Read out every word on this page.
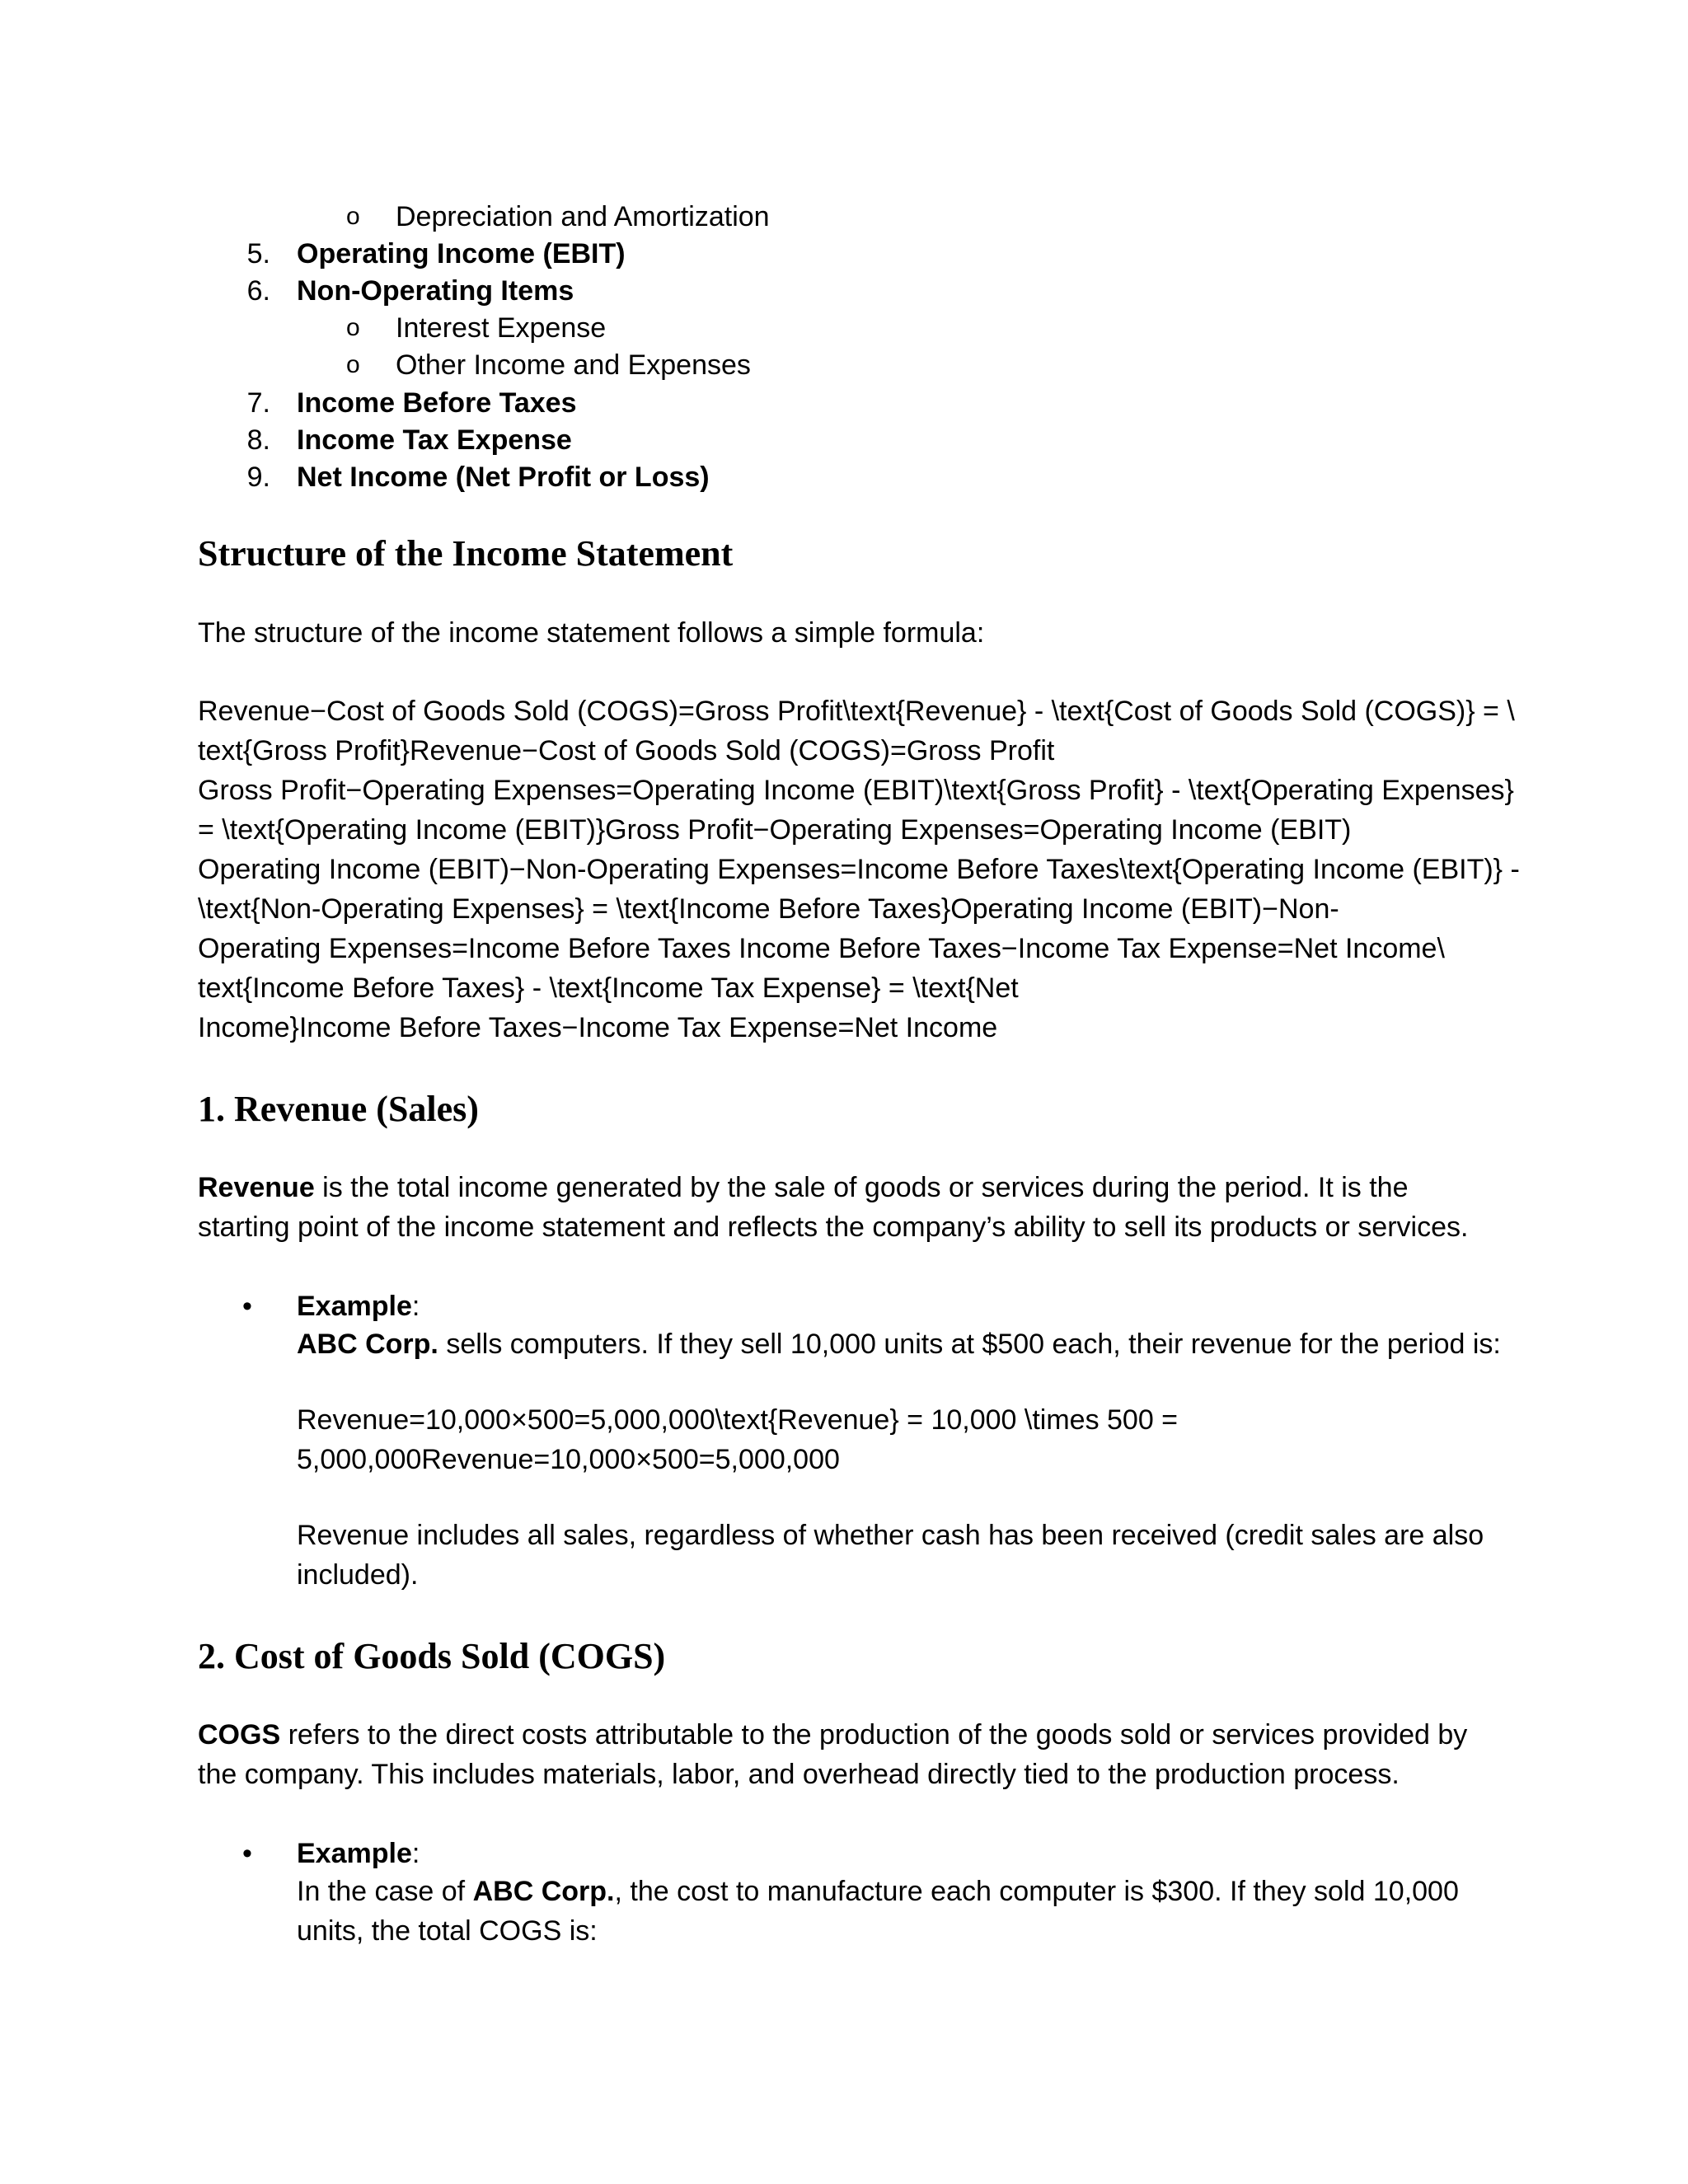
o Depreciation and Amortization
5. Operating Income (EBIT)
6. Non-Operating Items
o Interest Expense
o Other Income and Expenses
7. Income Before Taxes
8. Income Tax Expense
9. Net Income (Net Profit or Loss)
Structure of the Income Statement
The structure of the income statement follows a simple formula:
Revenue−Cost of Goods Sold (COGS)=Gross Profit\text{Revenue} - \text{Cost of Goods Sold (COGS)} = \
text{Gross Profit}Revenue−Cost of Goods Sold (COGS)=Gross Profit
Gross Profit−Operating Expenses=Operating Income (EBIT)\text{Gross Profit} - \text{Operating Expenses}
= \text{Operating Income (EBIT)}Gross Profit−Operating Expenses=Operating Income (EBIT)
Operating Income (EBIT)−Non-Operating Expenses=Income Before Taxes\text{Operating Income (EBIT)} -
\text{Non-Operating Expenses} = \text{Income Before Taxes}Operating Income (EBIT)−Non-
Operating Expenses=Income Before Taxes Income Before Taxes−Income Tax Expense=Net Income\
text{Income Before Taxes} - \text{Income Tax Expense} = \text{Net
Income}Income Before Taxes−Income Tax Expense=Net Income
1. Revenue (Sales)
Revenue is the total income generated by the sale of goods or services during the period. It is the
starting point of the income statement and reflects the company’s ability to sell its products or services.
• Example:
ABC Corp. sells computers. If they sell 10,000 units at $500 each, their revenue for the period is:
Revenue=10,000×500=5,000,000\text{Revenue} = 10,000 \times 500 =
5,000,000Revenue=10,000×500=5,000,000
Revenue includes all sales, regardless of whether cash has been received (credit sales are also
included).
2. Cost of Goods Sold (COGS)
COGS refers to the direct costs attributable to the production of the goods sold or services provided by
the company. This includes materials, labor, and overhead directly tied to the production process.
• Example:
In the case of ABC Corp., the cost to manufacture each computer is $300. If they sold 10,000
units, the total COGS is:
